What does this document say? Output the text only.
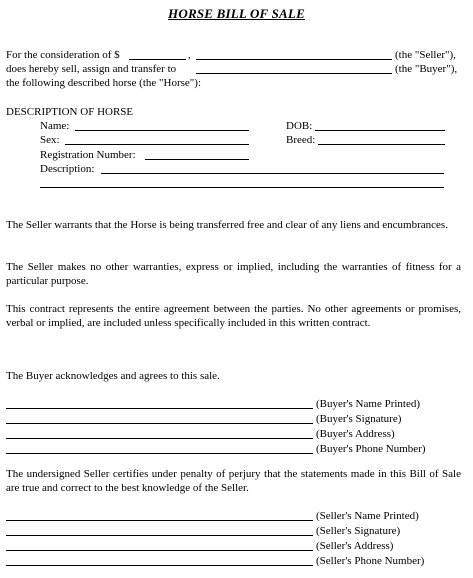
HORSE BILL OF SALE
For the consideration of $	,	(the "Seller"),
does hereby sell, assign and transfer to	(the "Buyer"),
the following described horse (the "Horse"):
DESCRIPTION OF HORSE
Name:	DOB:
Sex:	Breed:
Registration Number:
Description:
The Seller warrants that the Horse is being transferred free and clear of any liens and encumbrances.
The Seller makes no other warranties, express or implied, including the warranties of fitness for a particular purpose.
This contract represents the entire agreement between the parties. No other agreements or promises, verbal or implied, are included unless specifically included in this written contract.
The Buyer acknowledges and agrees to this sale.
(Buyer's Name Printed)
(Buyer's Signature)
(Buyer's Address)
(Buyer's Phone Number)
The undersigned Seller certifies under penalty of perjury that the statements made in this Bill of Sale are true and correct to the best knowledge of the Seller.
(Seller's Name Printed)
(Seller's Signature)
(Seller's Address)
(Seller's Phone Number)
